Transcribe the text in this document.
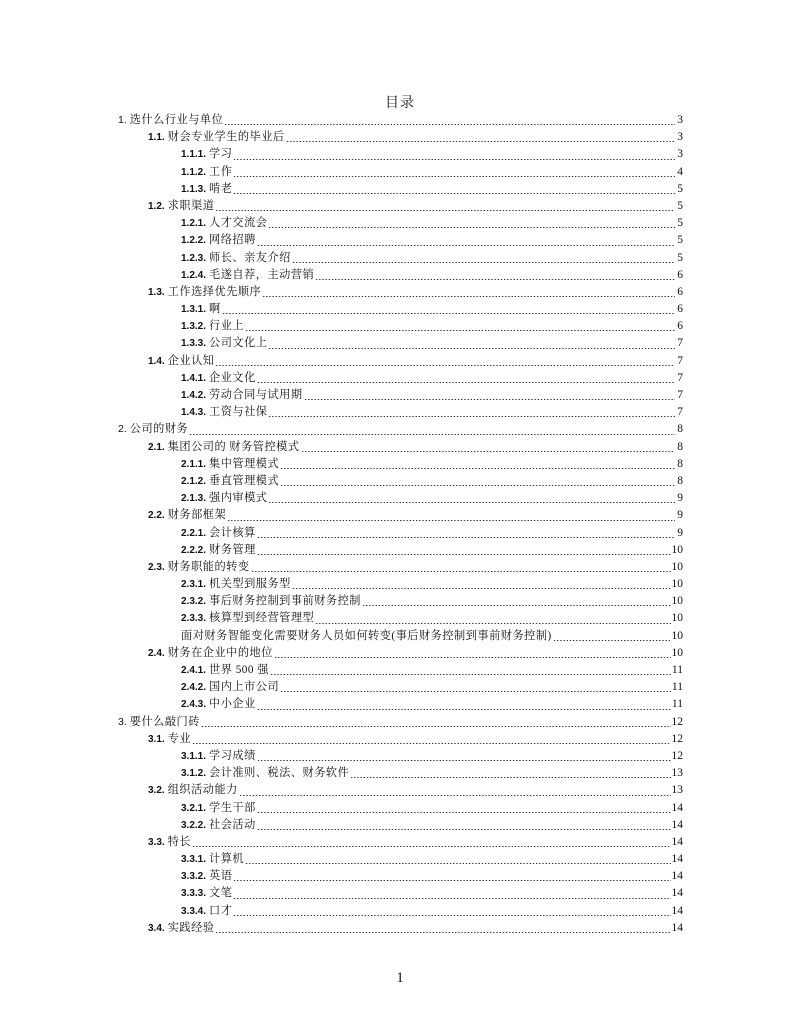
目录
1. 选什么行业与单位	3
1.1. 财会专业学生的毕业后	3
1.1.1. 学习	3
1.1.2. 工作	4
1.1.3. 啃老	5
1.2. 求职渠道	5
1.2.1. 人才交流会	5
1.2.2. 网络招聘	5
1.2.3. 师长、亲友介绍	5
1.2.4. 毛遂自荐，主动营销	6
1.3. 工作选择优先顺序	6
1.3.1. 啊	6
1.3.2. 行业上	6
1.3.3. 公司文化上	7
1.4. 企业认知	7
1.4.1. 企业文化	7
1.4.2. 劳动合同与试用期	7
1.4.3. 工资与社保	7
2. 公司的财务	8
2.1. 集团公司的 财务管控模式	8
2.1.1. 集中管理模式	8
2.1.2. 垂直管理模式	8
2.1.3. 强内审模式	9
2.2. 财务部框架	9
2.2.1. 会计核算	9
2.2.2. 财务管理	10
2.3. 财务职能的转变	10
2.3.1. 机关型到服务型	10
2.3.2. 事后财务控制到事前财务控制	10
2.3.3. 核算型到经营管理型	10
面对财务智能变化需要财务人员如何转变(事后财务控制到事前财务控制)	10
2.4. 财务在企业中的地位	10
2.4.1. 世界 500 强	11
2.4.2. 国内上市公司	11
2.4.3. 中小企业	11
3. 要什么敲门砖	12
3.1. 专业	12
3.1.1. 学习成绩	12
3.1.2. 会计准则、税法、财务软件	13
3.2. 组织活动能力	13
3.2.1. 学生干部	14
3.2.2. 社会活动	14
3.3. 特长	14
3.3.1. 计算机	14
3.3.2. 英语	14
3.3.3. 文笔	14
3.3.4. 口才	14
3.4. 实践经验	14
1
